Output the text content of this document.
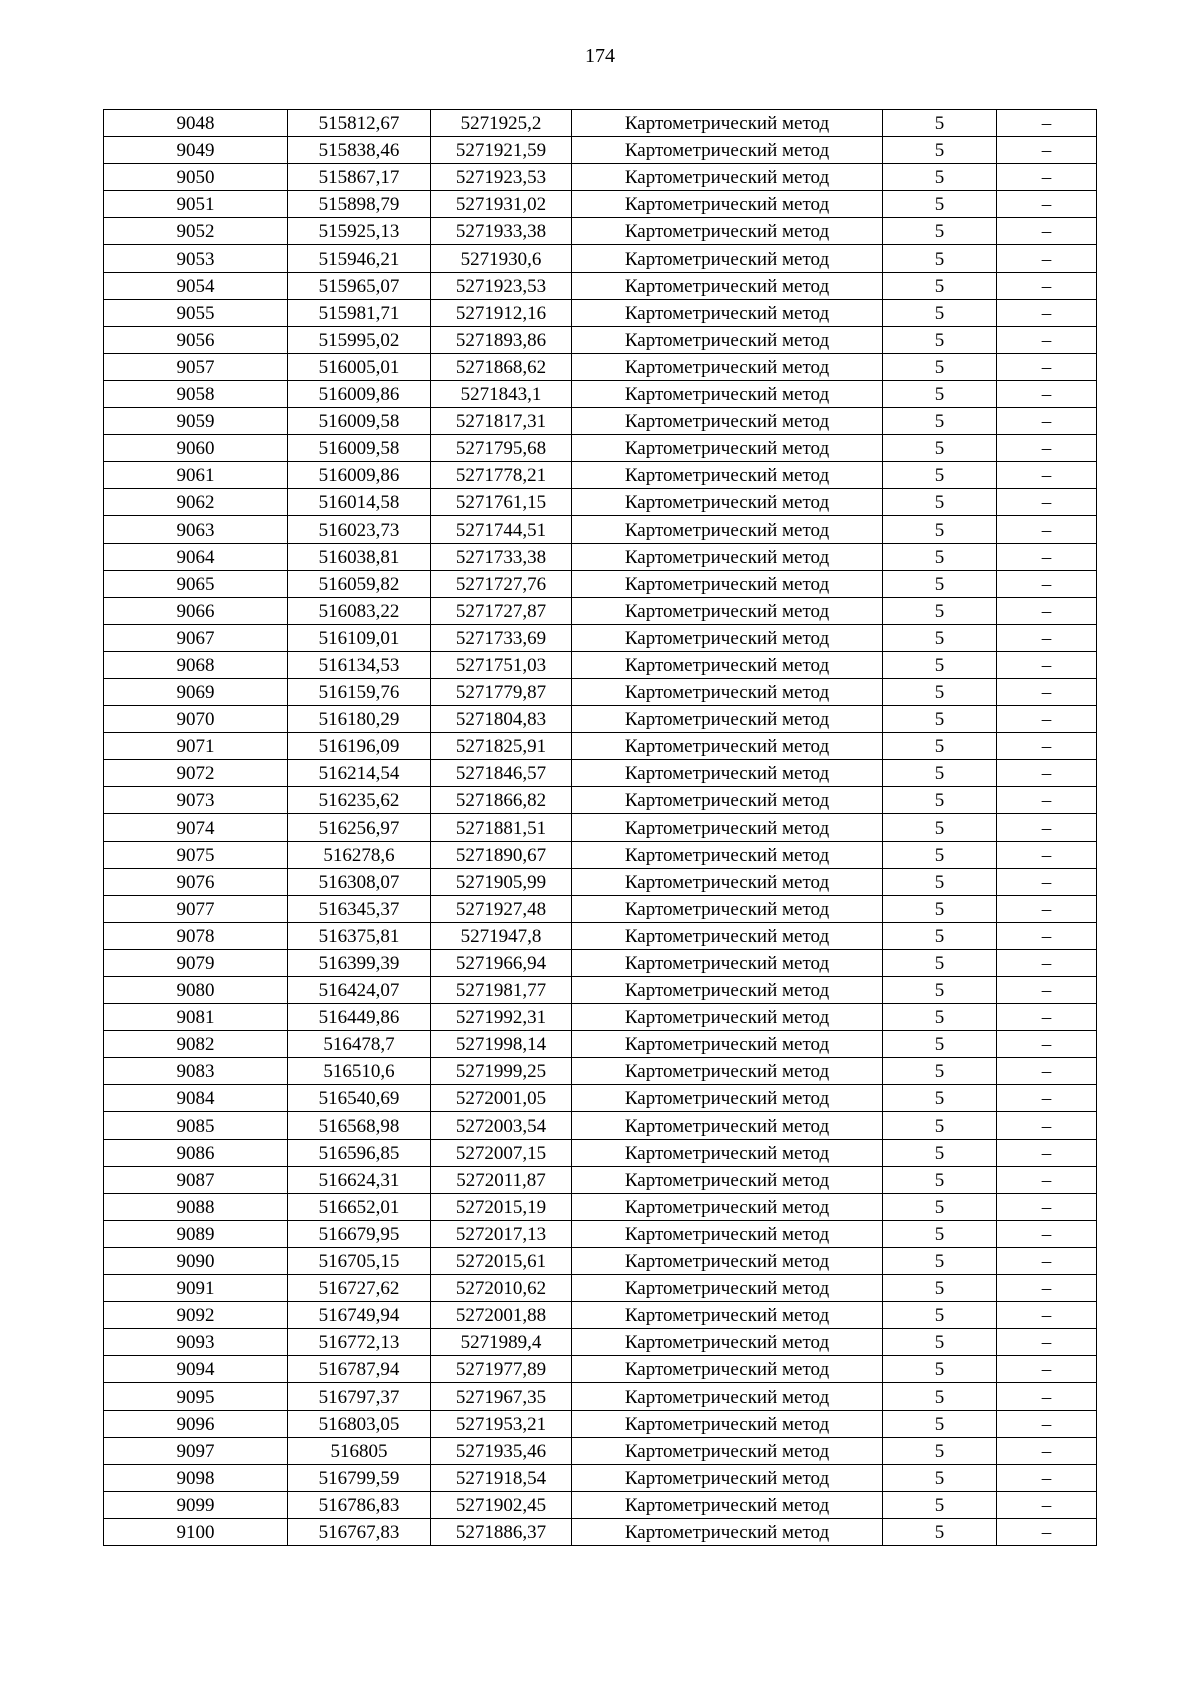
174
9048	515812,67	5271925,2	Картометрический метод	5	–
9049	515838,46	5271921,59	Картометрический метод	5	–
9050	515867,17	5271923,53	Картометрический метод	5	–
9051	515898,79	5271931,02	Картометрический метод	5	–
9052	515925,13	5271933,38	Картометрический метод	5	–
9053	515946,21	5271930,6	Картометрический метод	5	–
9054	515965,07	5271923,53	Картометрический метод	5	–
9055	515981,71	5271912,16	Картометрический метод	5	–
9056	515995,02	5271893,86	Картометрический метод	5	–
9057	516005,01	5271868,62	Картометрический метод	5	–
9058	516009,86	5271843,1	Картометрический метод	5	–
9059	516009,58	5271817,31	Картометрический метод	5	–
9060	516009,58	5271795,68	Картометрический метод	5	–
9061	516009,86	5271778,21	Картометрический метод	5	–
9062	516014,58	5271761,15	Картометрический метод	5	–
9063	516023,73	5271744,51	Картометрический метод	5	–
9064	516038,81	5271733,38	Картометрический метод	5	–
9065	516059,82	5271727,76	Картометрический метод	5	–
9066	516083,22	5271727,87	Картометрический метод	5	–
9067	516109,01	5271733,69	Картометрический метод	5	–
9068	516134,53	5271751,03	Картометрический метод	5	–
9069	516159,76	5271779,87	Картометрический метод	5	–
9070	516180,29	5271804,83	Картометрический метод	5	–
9071	516196,09	5271825,91	Картометрический метод	5	–
9072	516214,54	5271846,57	Картометрический метод	5	–
9073	516235,62	5271866,82	Картометрический метод	5	–
9074	516256,97	5271881,51	Картометрический метод	5	–
9075	516278,6	5271890,67	Картометрический метод	5	–
9076	516308,07	5271905,99	Картометрический метод	5	–
9077	516345,37	5271927,48	Картометрический метод	5	–
9078	516375,81	5271947,8	Картометрический метод	5	–
9079	516399,39	5271966,94	Картометрический метод	5	–
9080	516424,07	5271981,77	Картометрический метод	5	–
9081	516449,86	5271992,31	Картометрический метод	5	–
9082	516478,7	5271998,14	Картометрический метод	5	–
9083	516510,6	5271999,25	Картометрический метод	5	–
9084	516540,69	5272001,05	Картометрический метод	5	–
9085	516568,98	5272003,54	Картометрический метод	5	–
9086	516596,85	5272007,15	Картометрический метод	5	–
9087	516624,31	5272011,87	Картометрический метод	5	–
9088	516652,01	5272015,19	Картометрический метод	5	–
9089	516679,95	5272017,13	Картометрический метод	5	–
9090	516705,15	5272015,61	Картометрический метод	5	–
9091	516727,62	5272010,62	Картометрический метод	5	–
9092	516749,94	5272001,88	Картометрический метод	5	–
9093	516772,13	5271989,4	Картометрический метод	5	–
9094	516787,94	5271977,89	Картометрический метод	5	–
9095	516797,37	5271967,35	Картометрический метод	5	–
9096	516803,05	5271953,21	Картометрический метод	5	–
9097	516805	5271935,46	Картометрический метод	5	–
9098	516799,59	5271918,54	Картометрический метод	5	–
9099	516786,83	5271902,45	Картометрический метод	5	–
9100	516767,83	5271886,37	Картометрический метод	5	–
